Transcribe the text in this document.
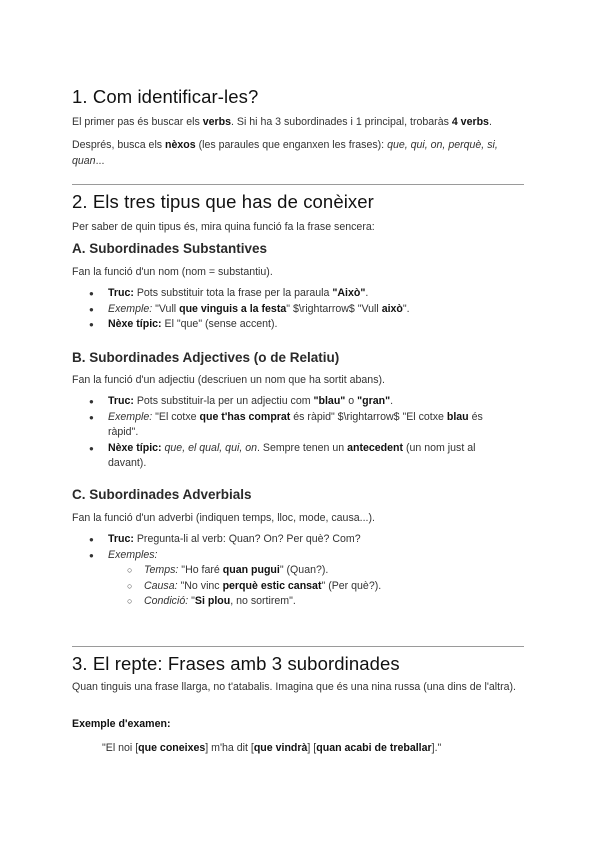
1. Com identificar-les?
El primer pas és buscar els verbs. Si hi ha 3 subordinades i 1 principal, trobaràs 4 verbs.
Després, busca els nèxos (les paraules que enganxen les frases): que, qui, on, perquè, si, quan...
2. Els tres tipus que has de conèixer
Per saber de quin tipus és, mira quina funció fa la frase sencera:
A. Subordinades Substantives
Fan la funció d'un nom (nom = substantiu).
● Truc: Pots substituir tota la frase per la paraula "Això".
● Exemple: "Vull que vinguis a la festa" $\rightarrow$ "Vull això".
● Nèxe típic: El "que" (sense accent).
B. Subordinades Adjectives (o de Relatiu)
Fan la funció d'un adjectiu (descriuen un nom que ha sortit abans).
● Truc: Pots substituir-la per un adjectiu com "blau" o "gran".
● Exemple: "El cotxe que t'has comprat és ràpid" $\rightarrow$ "El cotxe blau és ràpid".
● Nèxe típic: que, el qual, qui, on. Sempre tenen un antecedent (un nom just al davant).
C. Subordinades Adverbials
Fan la funció d'un adverbi (indiquen temps, lloc, mode, causa...).
● Truc: Pregunta-li al verb: Quan? On? Per què? Com?
● Exemples:
○ Temps: "Ho faré quan pugui" (Quan?).
○ Causa: "No vinc perquè estic cansat" (Per què?).
○ Condició: "Si plou, no sortirem".
3. El repte: Frases amb 3 subordinades
Quan tinguis una frase llarga, no t'atabalis. Imagina que és una nina russa (una dins de l'altra).
Exemple d'examen:
"El noi [que coneixes] m'ha dit [que vindrà] [quan acabi de treballar]."
